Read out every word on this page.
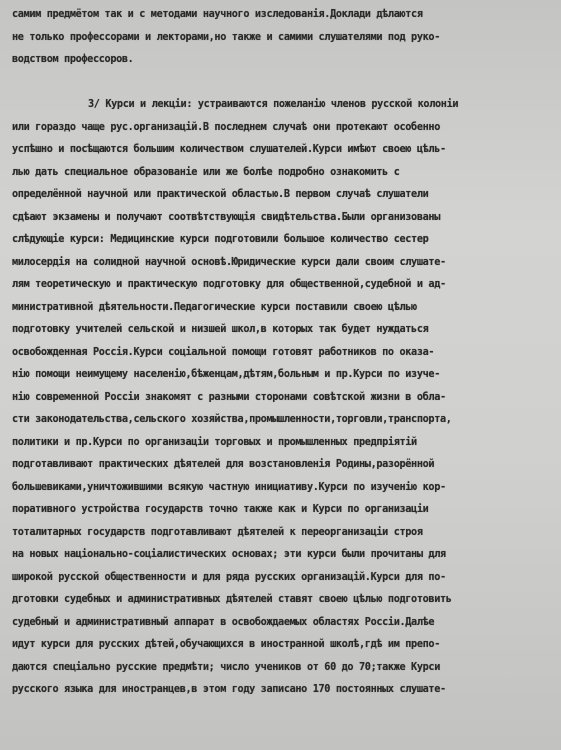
самим предмётом так и с методами научного изследованія.Доклади дѣлаются
не только профессорами и лекторами,но также и самими слушателями под руко-
водством профессоров.
3/ Курси и лекціи: устраиваются пожеланію членов русской колоніи
или гораздо чаще рус.организацій.В последнем случаѣ они протекают особенно
успѣшно и посѣщаются большим количеством слушателей.Курси имѣют своею цѣль-
лью дать специальное образованіе или же болѣе подробно ознакомить с
определённой научной или практической областью.В первом случаѣ слушатели
сдѣают экзамены и получают соотвѣтствующія свидѣтельства.Были организованы
слѣдующіе курси: Медицинские курси подготовили большое количество сестер
милосердія на солидной научной основѣ.Юридические курси дали своим слушате-
лям теоретическую и практическую подготовку для общественной,судебной и ад-
министративной дѣятельности.Педагогические курси поставили своею цѣлью
подготовку учителей сельской и низшей школ,в которых так будет нуждаться
освобожденная Россія.Курси соціальной помощи готовят работников по оказа-
нію помощи неимущему населенію,бѣженцам,дѣтям,больным и пр.Курси по изуче-
нію современной Россіи знакомят с разными сторонами совѣтской жизни в обла-
сти законодательства,сельского хозяйства,промышленности,торговли,транспорта,
политики и пр.Курси по организаціи торговых и промышленных предпріятій
подготавливают практических дѣятелей для возстановленія Родины,разорённой
большевиками,уничтожившими всякую частную инициативу.Курси по изученію кор-
поративного устройства государств точно также как и Курси по организаціи
тоталитарных государств подготавливают дѣятелей к переорганизаціи строя
на новых національно-соціалистических основах; эти курси были прочитаны для
широкой русской общественности и для ряда русских организацій.Курси для по-
дготовки судебных и административных дѣятелей ставят своею цѣлью подготовить
судебный и административный аппарат в освобождаемых областях Россіи.Далѣе
идут курси для русских дѣтей,обучающихся в иностранной школѣ,гдѣ им препо-
даются спеціально русские предмѣти; число учеников от 60 до 70;также Курси
русского языка для иностранцев,в этом году записано 170 постоянных слушате-
